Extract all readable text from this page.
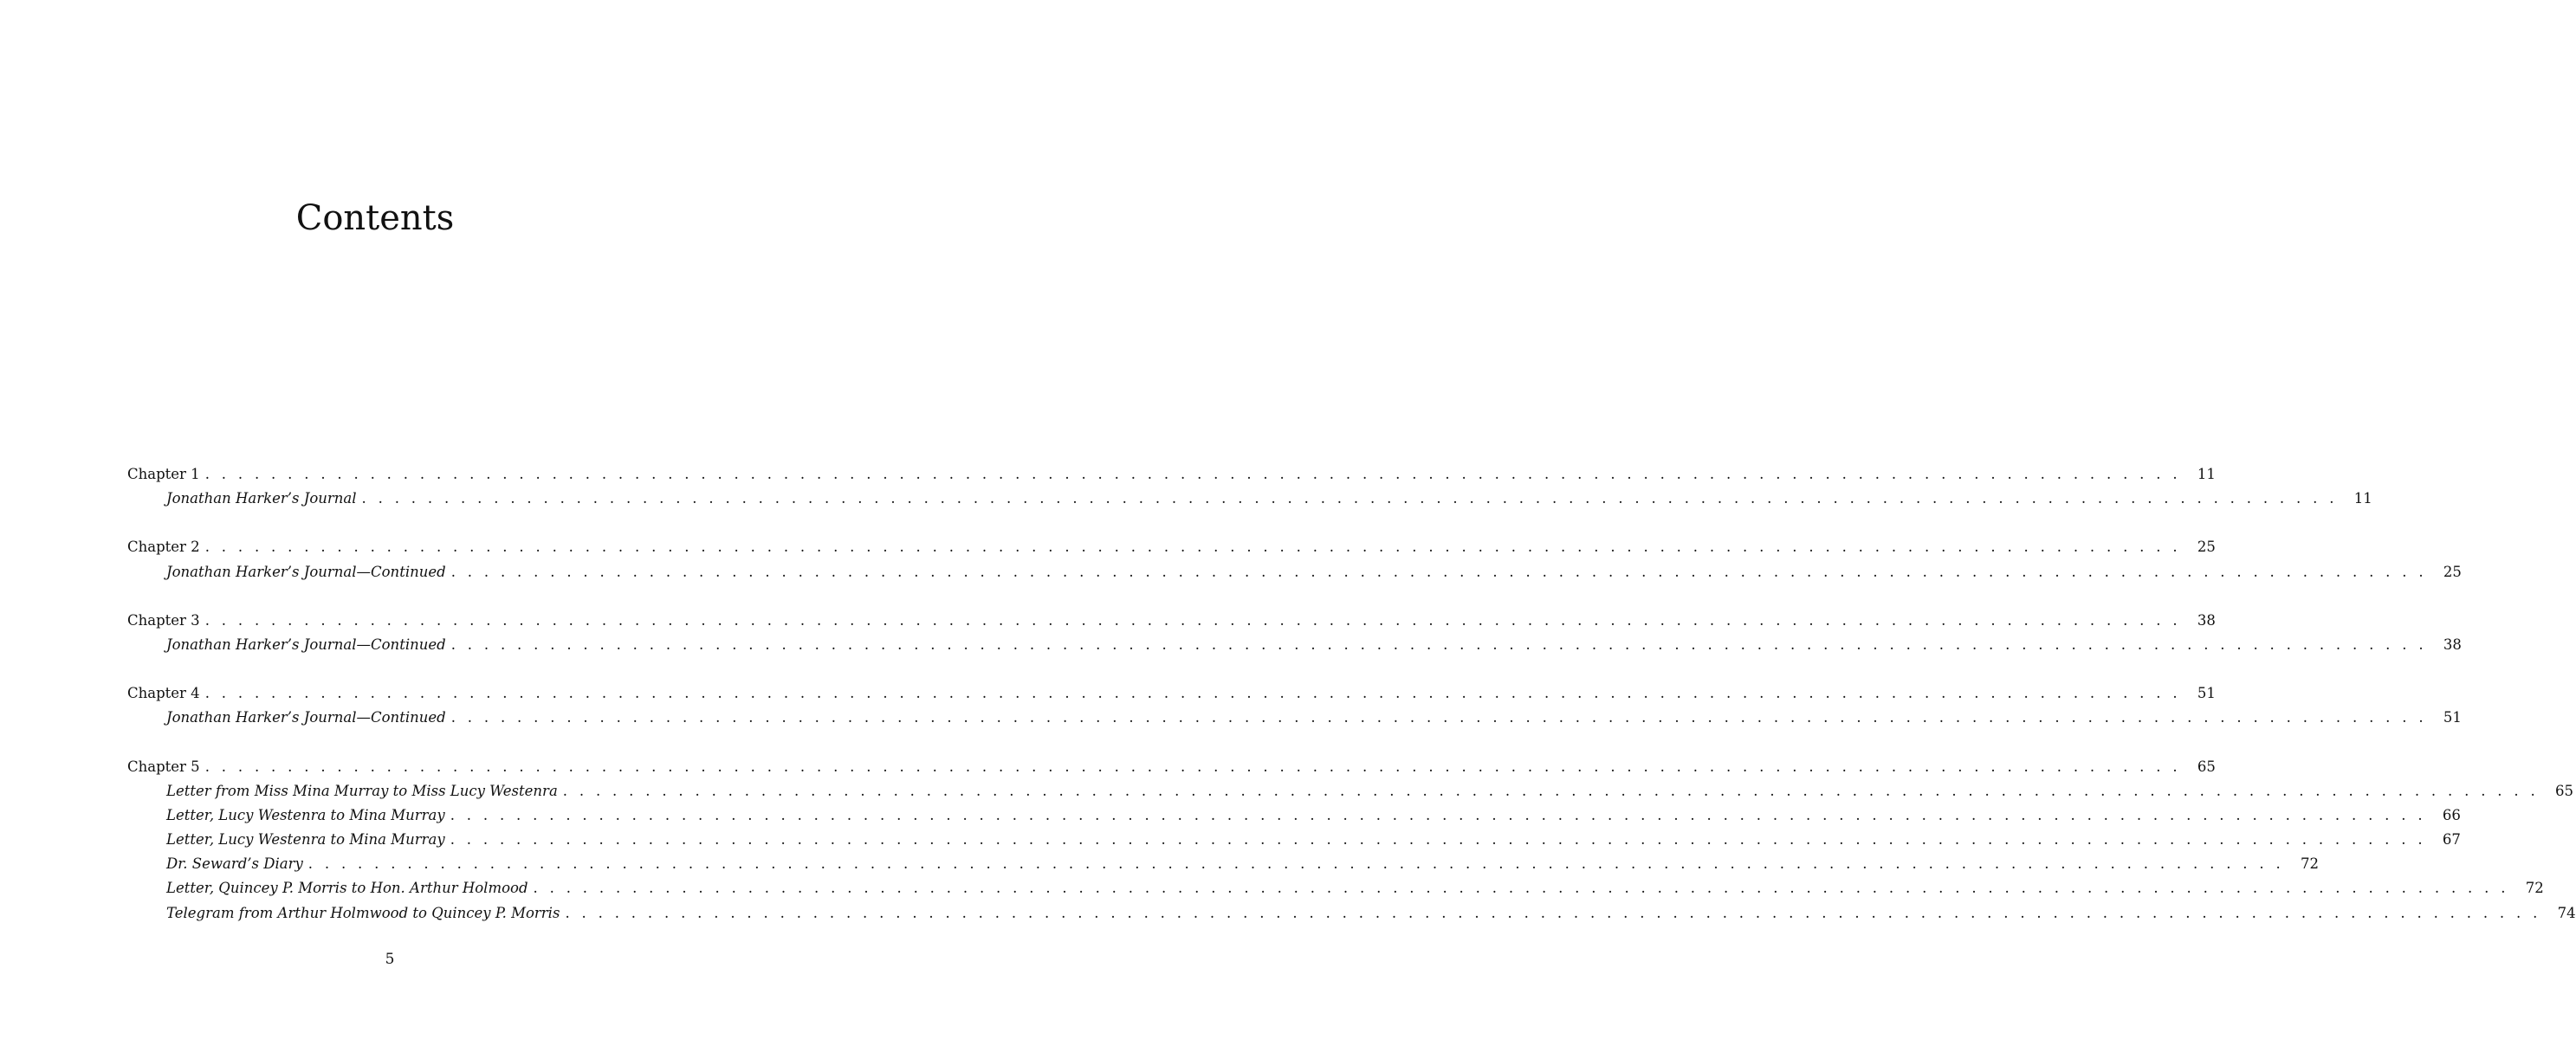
Contents
Chapter 1 . . . . . . . . . . . . . . . . . . . . . . . . . . . . . . . . . . . . . . . . . . . . . . . . . . . . . . . . . . . . . . . . . . . . . . . . . . . . . . . . . . . . . . . . . . . . . . . . . . . . . . . . . . . . . . . . . . . . . . . .	11
Jonathan Harker’s Journal . . . . . . . . . . . . . . . . . . . . . . . . . . . . . . . . . . . . . . . . . . . . . . . . . . . . . . . . . . . . . . . . . . . . . . . . . . . . . . . . . . . . . . . . . . . . . . . . . . . . . . . . . . . . . . . . . . . . . . . .	11
Chapter 2 . . . . . . . . . . . . . . . . . . . . . . . . . . . . . . . . . . . . . . . . . . . . . . . . . . . . . . . . . . . . . . . . . . . . . . . . . . . . . . . . . . . . . . . . . . . . . . . . . . . . . . . . . . . . . . . . . . . . . . . .	25
Jonathan Harker’s Journal—Continued . . . . . . . . . . . . . . . . . . . . . . . . . . . . . . . . . . . . . . . . . . . . . . . . . . . . . . . . . . . . . . . . . . . . . . . . . . . . . . . . . . . . . . . . . . . . . . . . . . . . . . . . . . . . . . . . . . . . . . . .	25
Chapter 3 . . . . . . . . . . . . . . . . . . . . . . . . . . . . . . . . . . . . . . . . . . . . . . . . . . . . . . . . . . . . . . . . . . . . . . . . . . . . . . . . . . . . . . . . . . . . . . . . . . . . . . . . . . . . . . . . . . . . . . . .	38
Jonathan Harker’s Journal—Continued . . . . . . . . . . . . . . . . . . . . . . . . . . . . . . . . . . . . . . . . . . . . . . . . . . . . . . . . . . . . . . . . . . . . . . . . . . . . . . . . . . . . . . . . . . . . . . . . . . . . . . . . . . . . . . . . . . . . . . . .	38
Chapter 4 . . . . . . . . . . . . . . . . . . . . . . . . . . . . . . . . . . . . . . . . . . . . . . . . . . . . . . . . . . . . . . . . . . . . . . . . . . . . . . . . . . . . . . . . . . . . . . . . . . . . . . . . . . . . . . . . . . . . . . . .	51
Jonathan Harker’s Journal—Continued . . . . . . . . . . . . . . . . . . . . . . . . . . . . . . . . . . . . . . . . . . . . . . . . . . . . . . . . . . . . . . . . . . . . . . . . . . . . . . . . . . . . . . . . . . . . . . . . . . . . . . . . . . . . . . . . . . . . . . . .	51
Chapter 5 . . . . . . . . . . . . . . . . . . . . . . . . . . . . . . . . . . . . . . . . . . . . . . . . . . . . . . . . . . . . . . . . . . . . . . . . . . . . . . . . . . . . . . . . . . . . . . . . . . . . . . . . . . . . . . . . . . . . . . . .	65
Letter from Miss Mina Murray to Miss Lucy Westenra . . . . . . . . . . . . . . . . . . . . . . . . . . . . . . . . . . . . . . . . . . . . . . . . . . . . . . . . . . . . . . . . . . . . . . . . . . . . . . . . . . . . . . . . . . . . . . . . . . . . . . . . . . . . . . . . . . . . . . . .	65
Letter, Lucy Westenra to Mina Murray . . . . . . . . . . . . . . . . . . . . . . . . . . . . . . . . . . . . . . . . . . . . . . . . . . . . . . . . . . . . . . . . . . . . . . . . . . . . . . . . . . . . . . . . . . . . . . . . . . . . . . . . . . . . . . . . . . . . . . . .	66
Letter, Lucy Westenra to Mina Murray . . . . . . . . . . . . . . . . . . . . . . . . . . . . . . . . . . . . . . . . . . . . . . . . . . . . . . . . . . . . . . . . . . . . . . . . . . . . . . . . . . . . . . . . . . . . . . . . . . . . . . . . . . . . . . . . . . . . . . . .	67
Dr. Seward’s Diary . . . . . . . . . . . . . . . . . . . . . . . . . . . . . . . . . . . . . . . . . . . . . . . . . . . . . . . . . . . . . . . . . . . . . . . . . . . . . . . . . . . . . . . . . . . . . . . . . . . . . . . . . . . . . . . . . . . . . . . .	72
Letter, Quincey P. Morris to Hon. Arthur Holmood . . . . . . . . . . . . . . . . . . . . . . . . . . . . . . . . . . . . . . . . . . . . . . . . . . . . . . . . . . . . . . . . . . . . . . . . . . . . . . . . . . . . . . . . . . . . . . . . . . . . . . . . . . . . . . . . . . . . . . . .	72
Telegram from Arthur Holmwood to Quincey P. Morris . . . . . . . . . . . . . . . . . . . . . . . . . . . . . . . . . . . . . . . . . . . . . . . . . . . . . . . . . . . . . . . . . . . . . . . . . . . . . . . . . . . . . . . . . . . . . . . . . . . . . . . . . . . . . . . . . . . . . . . .	74
5
